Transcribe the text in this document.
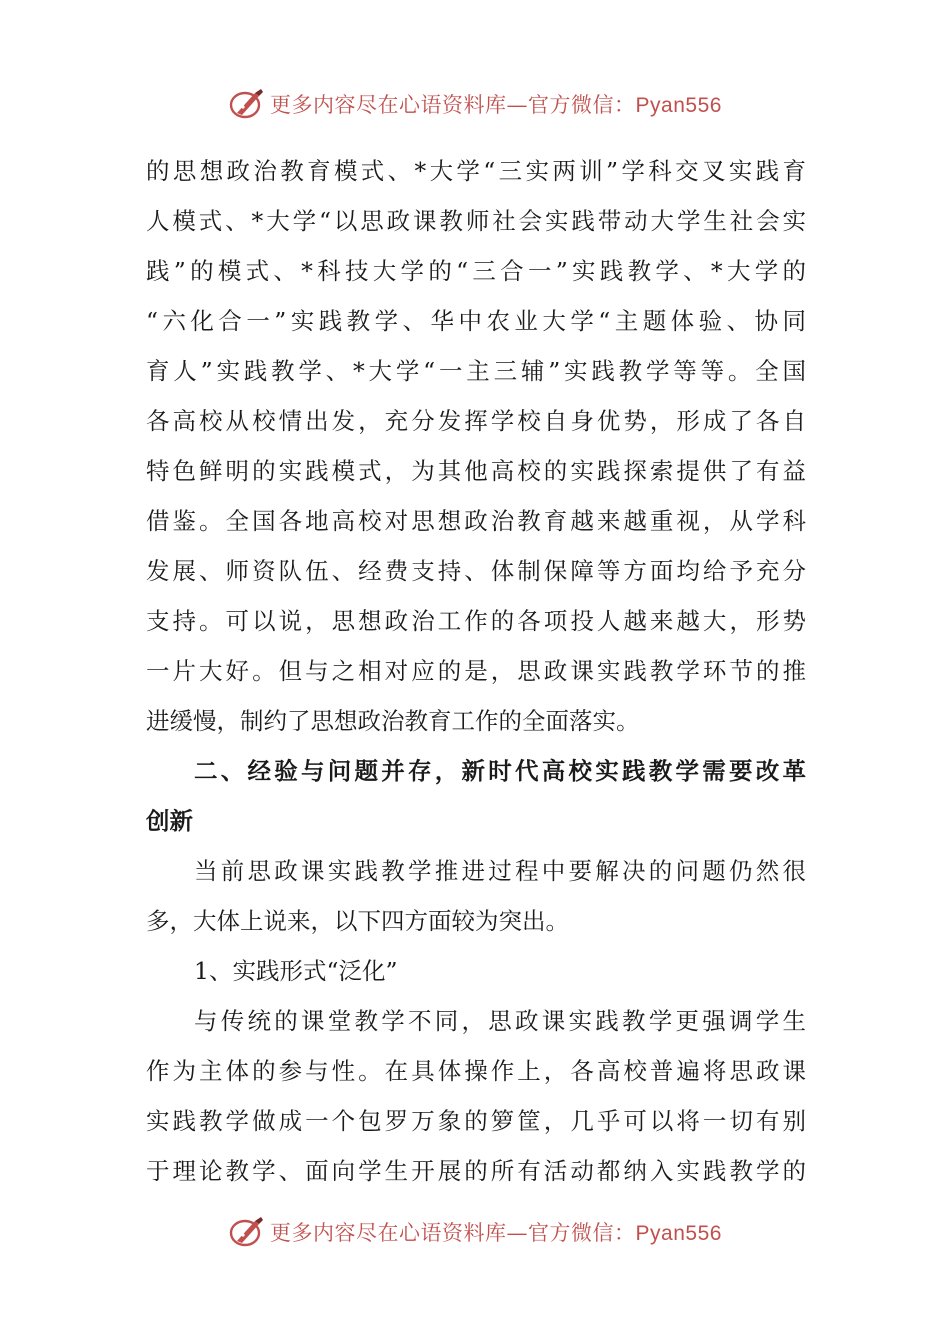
更多内容尽在心语资料库—官方微信：Pyan556
的思想政治教育模式、*大学“三实两训”学科交叉实践育
人模式、*大学“以思政课教师社会实践带动大学生社会实
践”的模式、*科技大学的“三合一”实践教学、*大学的
“六化合一”实践教学、华中农业大学“主题体验、协同
育人”实践教学、*大学“一主三辅”实践教学等等。全国
各高校从校情出发，充分发挥学校自身优势，形成了各自
特色鲜明的实践模式，为其他高校的实践探索提供了有益
借鉴。全国各地高校对思想政治教育越来越重视，从学科
发展、师资队伍、经费支持、体制保障等方面均给予充分
支持。可以说，思想政治工作的各项投人越来越大，形势
一片大好。但与之相对应的是，思政课实践教学环节的推
进缓慢，制约了思想政治教育工作的全面落实。
二、经验与问题并存，新时代高校实践教学需要改革
创新
当前思政课实践教学推进过程中要解决的问题仍然很
多，大体上说来，以下四方面较为突出。
1、实践形式“泛化”
与传统的课堂教学不同，思政课实践教学更强调学生
作为主体的参与性。在具体操作上，各高校普遍将思政课
实践教学做成一个包罗万象的箩筐，几乎可以将一切有别
于理论教学、面向学生开展的所有活动都纳入实践教学的
更多内容尽在心语资料库—官方微信：Pyan556
